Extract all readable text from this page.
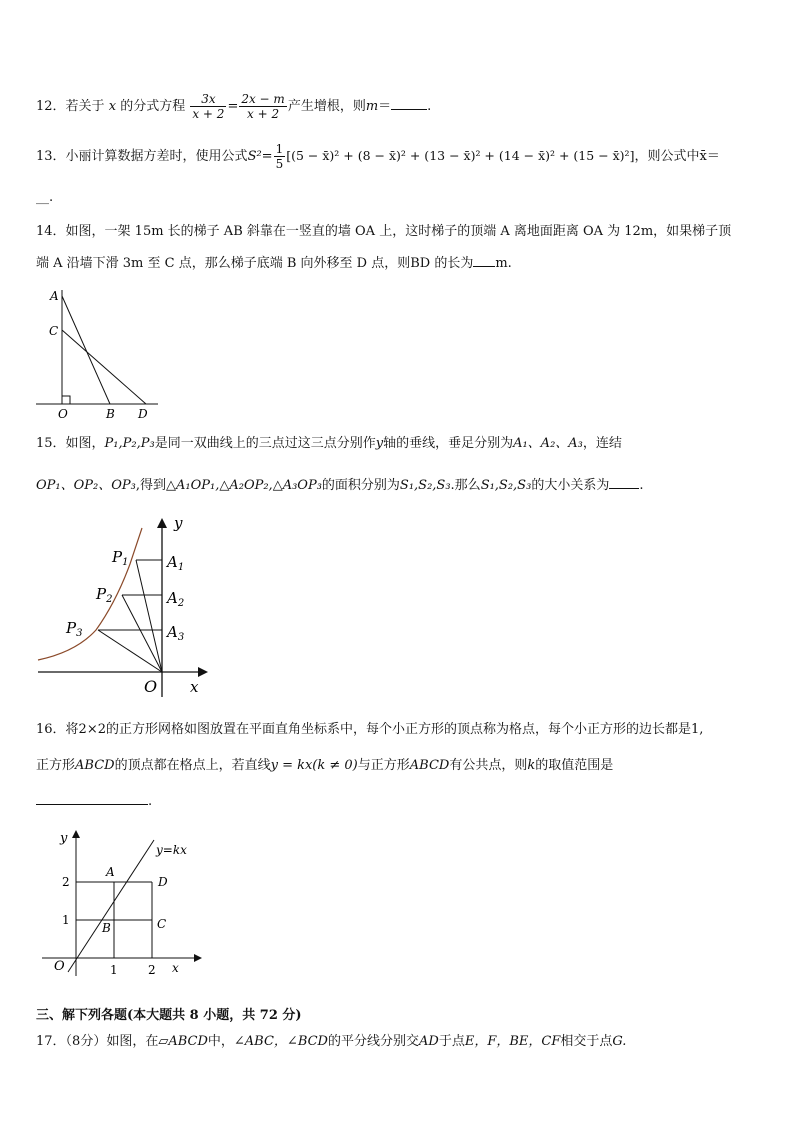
12．若关于 x 的分式方程 $\frac{3x}{x + 2} = \frac{2x - m}{x + 2}$ 产生增根，则m＝	.
13．小丽计算数据方差时，使用公式$S^2= \frac{1}{5} [(5$ − x̄)² + (8 − x̄)² + (13 − x̄)² + (14 − x̄)² + (15 − x̄)²]，则公式中x̄＝
__.
14．如图，一架 15m 长的梯子 AB 斜靠在一竖直的墙 OA 上，这时梯子的顶端 A 离地面距离 OA 为 12m，如果梯子顶
端 A 沿墙下滑 3m 至 C 点，那么梯子底端 B 向外移至 D 点，则BD 的长为 m.
A
C
O	B D
15．如图，P₁,P₂,P₃是同一双曲线上的三点过这三点分别作y轴的垂线，垂足分别为A₁、A₂、A₃，连结
OP₁、OP₂、OP₃,得到△A₁OP₁,△A₂OP₂,△A₃OP₃的面积分别为S₁,S₂,S₃.那么S₁,S₂,S₃的大小关系为 .
$P_1$
$P_2$
$P_3$
$A_1$
$A_2$
$A_3$
O x
y
16．将2×2的正方形网格如图放置在平面直角坐标系中，每个小正方形的顶点称为格点，每个小正方形的边长都是1,
正方形ABCD的顶点都在格点上，若直线y = kx(k ≠ 0)与正方形ABCD有公共点，则k的取值范围是
.
y
y=kx
A
B	C
D
O	x
1	2
1
2
三、解下列各题(本大题共 8 小题，共 72 分)
17．（8分）如图，在▱ABCD中，∠ABC，∠BCD的平分线分别交AD于点E，F，BE，CF相交于点G.
